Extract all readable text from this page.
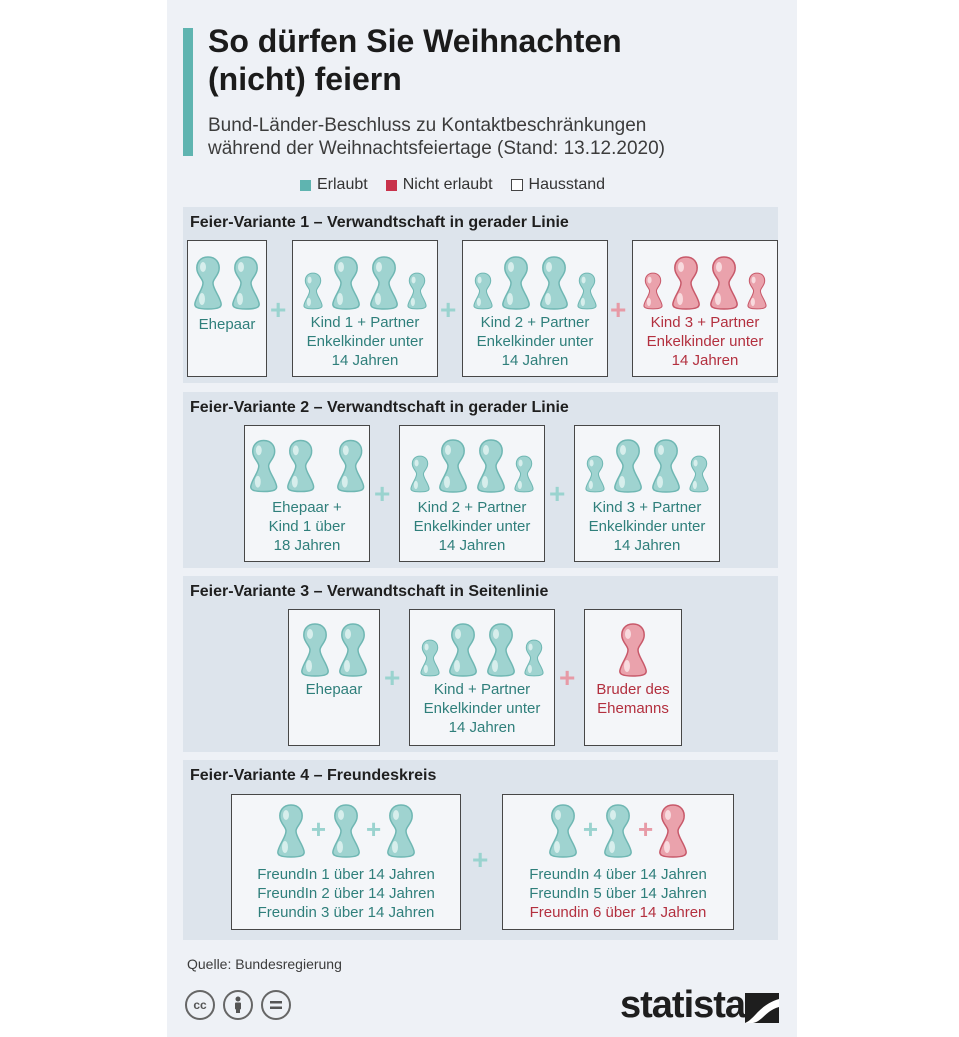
So dürfen Sie Weihnachten
(nicht) feiern
Bund-Länder-Beschluss zu Kontaktbeschränkungen
während der Weihnachtsfeiertage (Stand: 13.12.2020)
Erlaubt Nicht erlaubt Hausstand
Feier-Variante 1 – Verwandtschaft in gerader Linie
Ehepaar +	Kind 1 + Partner
Enkelkinder unter
14 Jahren
+	Kind 2 + Partner
Enkelkinder unter
14 Jahren
+	Kind 3 + Partner
Enkelkinder unter
14 Jahren
Feier-Variante 2 – Verwandtschaft in gerader Linie
Ehepaar +
Kind 1 über
18 Jahren
+	Kind 2 + Partner
Enkelkinder unter
14 Jahren
+	Kind 3 + Partner
Enkelkinder unter
14 Jahren
Feier-Variante 3 – Verwandtschaft in Seitenlinie
Ehepaar +	Kind + Partner
Enkelkinder unter
14 Jahren
+	Bruder des
Ehemanns
Feier-Variante 4 – Freundeskreis
+ +
FreundIn 1 über 14 Jahren
FreundIn 2 über 14 Jahren
Freundin 3 über 14 Jahren
+
+ +
FreundIn 4 über 14 Jahren
FreundIn 5 über 14 Jahren
Freundin 6 über 14 Jahren
Quelle: Bundesregierung
cc	statista
